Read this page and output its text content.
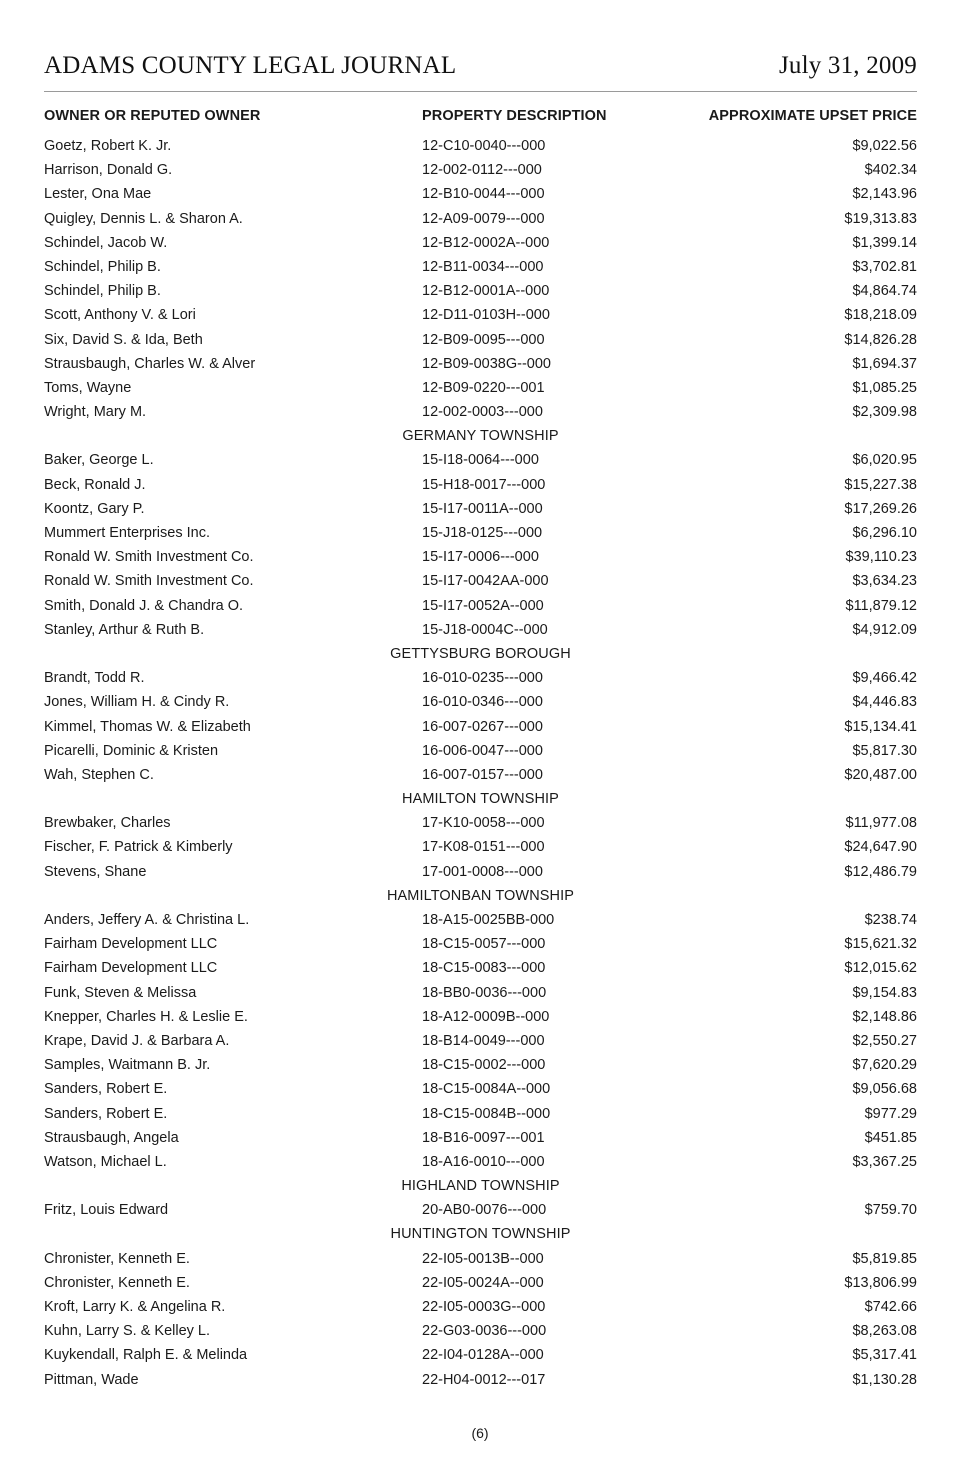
ADAMS COUNTY LEGAL JOURNAL	July 31, 2009
OWNER OR REPUTED OWNER	PROPERTY DESCRIPTION	APPROXIMATE UPSET PRICE
Goetz, Robert K. Jr.	12-C10-0040---000	$9,022.56
Harrison, Donald G.	12-002-0112---000	$402.34
Lester, Ona Mae	12-B10-0044---000	$2,143.96
Quigley, Dennis L. & Sharon A.	12-A09-0079---000	$19,313.83
Schindel, Jacob W.	12-B12-0002A--000	$1,399.14
Schindel, Philip B.	12-B11-0034---000	$3,702.81
Schindel, Philip B.	12-B12-0001A--000	$4,864.74
Scott, Anthony V. & Lori	12-D11-0103H--000	$18,218.09
Six, David S. & Ida, Beth	12-B09-0095---000	$14,826.28
Strausbaugh, Charles W. & Alver	12-B09-0038G--000	$1,694.37
Toms, Wayne	12-B09-0220---001	$1,085.25
Wright, Mary M.	12-002-0003---000	$2,309.98
GERMANY TOWNSHIP
Baker, George L.	15-I18-0064---000	$6,020.95
Beck, Ronald J.	15-H18-0017---000	$15,227.38
Koontz, Gary P.	15-I17-0011A--000	$17,269.26
Mummert Enterprises Inc.	15-J18-0125---000	$6,296.10
Ronald W. Smith Investment Co.	15-I17-0006---000	$39,110.23
Ronald W. Smith Investment Co.	15-I17-0042AA-000	$3,634.23
Smith, Donald J. & Chandra O.	15-I17-0052A--000	$11,879.12
Stanley, Arthur & Ruth B.	15-J18-0004C--000	$4,912.09
GETTYSBURG BOROUGH
Brandt, Todd R.	16-010-0235---000	$9,466.42
Jones, William H. & Cindy R.	16-010-0346---000	$4,446.83
Kimmel, Thomas W. & Elizabeth	16-007-0267---000	$15,134.41
Picarelli, Dominic & Kristen	16-006-0047---000	$5,817.30
Wah, Stephen C.	16-007-0157---000	$20,487.00
HAMILTON TOWNSHIP
Brewbaker, Charles	17-K10-0058---000	$11,977.08
Fischer, F. Patrick & Kimberly	17-K08-0151---000	$24,647.90
Stevens, Shane	17-001-0008---000	$12,486.79
HAMILTONBAN TOWNSHIP
Anders, Jeffery A. & Christina L.	18-A15-0025BB-000	$238.74
Fairham Development LLC	18-C15-0057---000	$15,621.32
Fairham Development LLC	18-C15-0083---000	$12,015.62
Funk, Steven & Melissa	18-BB0-0036---000	$9,154.83
Knepper, Charles H. & Leslie E.	18-A12-0009B--000	$2,148.86
Krape, David J. & Barbara A.	18-B14-0049---000	$2,550.27
Samples, Waitmann B. Jr.	18-C15-0002---000	$7,620.29
Sanders, Robert E.	18-C15-0084A--000	$9,056.68
Sanders, Robert E.	18-C15-0084B--000	$977.29
Strausbaugh, Angela	18-B16-0097---001	$451.85
Watson, Michael L.	18-A16-0010---000	$3,367.25
HIGHLAND TOWNSHIP
Fritz, Louis Edward	20-AB0-0076---000	$759.70
HUNTINGTON TOWNSHIP
Chronister, Kenneth E.	22-I05-0013B--000	$5,819.85
Chronister, Kenneth E.	22-I05-0024A--000	$13,806.99
Kroft, Larry K. & Angelina R.	22-I05-0003G--000	$742.66
Kuhn, Larry S. & Kelley L.	22-G03-0036---000	$8,263.08
Kuykendall, Ralph E. & Melinda	22-I04-0128A--000	$5,317.41
Pittman, Wade	22-H04-0012---017	$1,130.28
(6)
